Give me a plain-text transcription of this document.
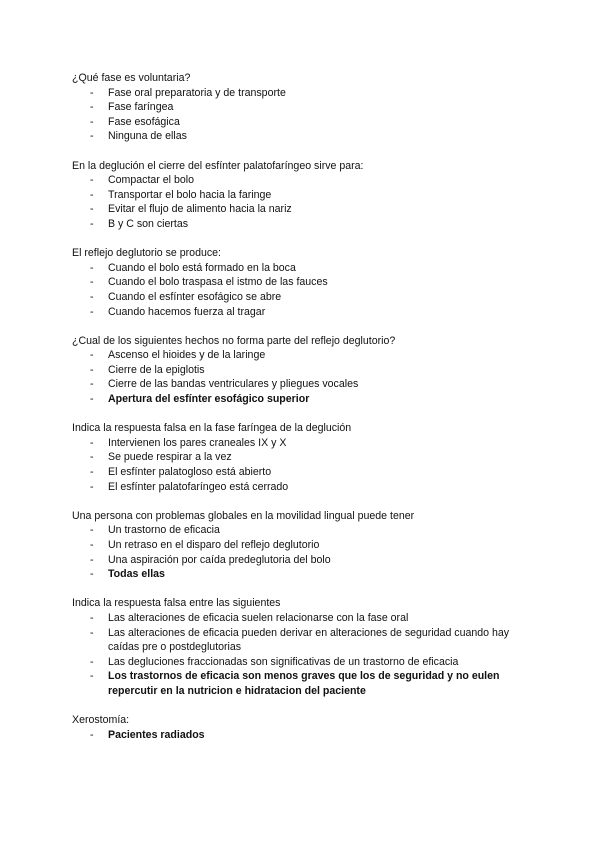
¿Qué fase es voluntaria?
- Fase oral preparatoria y de transporte
- Fase faríngea
- Fase esofágica
- Ninguna de ellas
En la deglución el cierre del esfínter palatofaríngeo sirve para:
- Compactar el bolo
- Transportar el bolo hacia la faringe
- Evitar el flujo de alimento hacia la nariz
- B y C son ciertas
El reflejo deglutorio se produce:
- Cuando el bolo está formado en la boca
- Cuando el bolo traspasa el istmo de las fauces
- Cuando el esfínter esofágico se abre
- Cuando hacemos fuerza al tragar
¿Cual de los siguientes hechos no forma parte del reflejo deglutorio?
- Ascenso el hioides y de la laringe
- Cierre de la epiglotis
- Cierre de las bandas ventriculares y pliegues vocales
- Apertura del esfínter esofágico superior
Indica la respuesta falsa en la fase faríngea de la deglución
- Intervienen los pares craneales IX y X
- Se puede respirar a la vez
- El esfínter palatogloso está abierto
- El esfínter palatofaríngeo está cerrado
Una persona con problemas globales en la movilidad lingual puede tener
- Un trastorno de eficacia
- Un retraso en el disparo del reflejo deglutorio
- Una aspiración por caída predeglutoria del bolo
- Todas ellas
Indica la respuesta falsa entre las siguientes
- Las alteraciones de eficacia suelen relacionarse con la fase oral
- Las alteraciones de eficacia pueden derivar en alteraciones de seguridad cuando hay caídas pre o postdeglutorias
- Las degluciones fraccionadas son significativas de un trastorno de eficacia
- Los trastornos de eficacia son menos graves que los de seguridad y no eulen repercutir en la nutricion e hidratacion del paciente
Xerostomía:
- Pacientes radiados
